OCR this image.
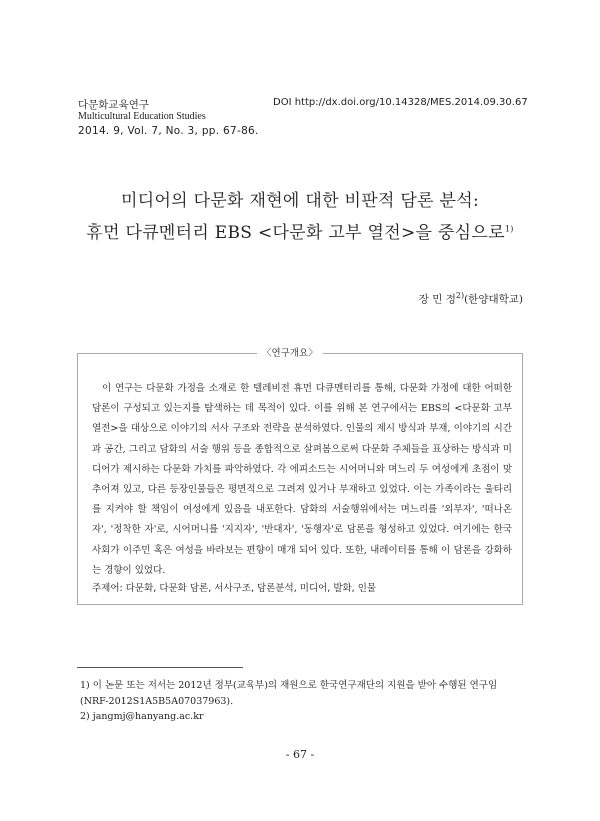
다문화교육연구	DOI http://dx.doi.org/10.14328/MES.2014.09.30.67
Multicultural Education Studies
2014. 9, Vol. 7, No. 3, pp. 67-86.
미디어의 다문화 재현에 대한 비판적 담론 분석:
휴먼 다큐멘터리 EBS <다문화 고부 열전>을 중심으로$^{1)}$
장 민 정$^{2)}$(한양대학교)
〈연구개요〉
이 연구는 다문화 가정을 소재로 한 텔레비전 휴먼 다큐멘터리를 통해, 다문화 가정에 대한 어떠한 담론이 구성되고 있는지를 탐색하는 데 목적이 있다. 이를 위해 본 연구에서는 EBS의 <다문화 고부 열전>을 대상으로 이야기의 서사 구조와 전략을 분석하였다. 인물의 제시 방식과 부재, 이야기의 시간과 공간, 그리고 담화의 서술 행위 등을 종합적으로 살펴봄으로써 다문화 주체들을 표상하는 방식과 미디어가 제시하는 다문화 가치를 파악하였다. 각 에피소드는 시어머니와 며느리 두 여성에게 초점이 맞추어져 있고, 다른 등장인물들은 평면적으로 그려져 있거나 부재하고 있었다. 이는 가족이라는 울타리를 지켜야 할 책임이 여성에게 있음을 내포한다. 담화의 서술행위에서는 며느리를 '외부자', '떠나온 자', '정착한 자'로, 시어머니를 '지지자', '반대자', '동행자'로 담론을 형성하고 있었다. 여기에는 한국사회가 이주민 혹은 여성을 바라보는 편향이 매개 되어 있다. 또한, 내레이터를 통해 이 담론을 강화하는 경향이 있었다.
주제어: 다문화, 다문화 담론, 서사구조, 담론분석, 미디어, 발화, 인물
1) 이 논문 또는 저서는 2012년 정부(교육부)의 재원으로 한국연구재단의 지원을 받아 수행된 연구임(NRF-2012S1A5B5A07037963).
2) jangmj@hanyang.ac.kr
- 67 -
